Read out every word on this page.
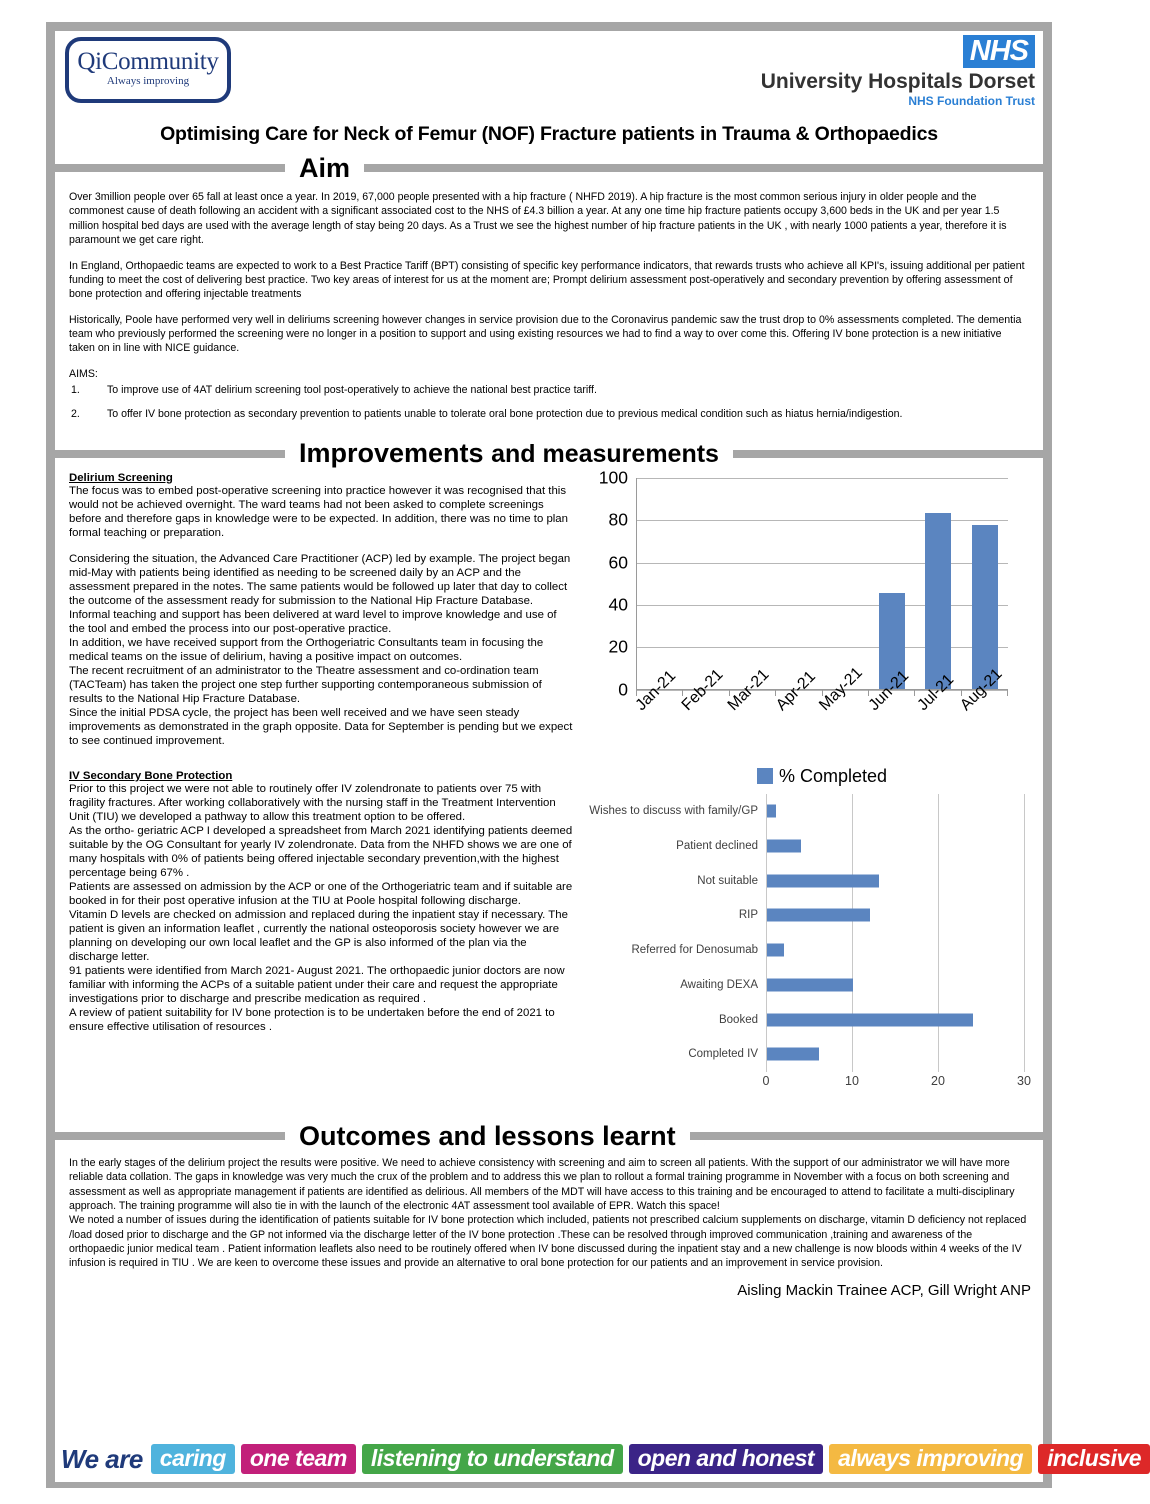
QiCommunity
Always improving
NHS
University Hospitals Dorset
NHS Foundation Trust
Optimising Care for Neck of Femur (NOF) Fracture patients in Trauma & Orthopaedics
Aim

Over 3million people over 65 fall at least once a year. In 2019, 67,000 people presented with a hip fracture ( NHFD 2019). A hip fracture is the most common serious injury in older people and the commonest cause of death following an accident with a significant associated cost to the NHS of £4.3 billion a year. At any one time hip fracture patients occupy 3,600 beds in the UK and per year 1.5 million hospital bed days are used with the average length of stay being 20 days. As a Trust we see the highest number of hip fracture patients in the UK , with nearly 1000 patients a year, therefore it is paramount we get care right.

In England, Orthopaedic teams are expected to work to a Best Practice Tariff (BPT) consisting of specific key performance indicators, that rewards trusts who achieve all KPI's, issuing additional per patient funding to meet the cost of delivering best practice. Two key areas of interest for us at the moment are; Prompt delirium assessment post-operatively and secondary prevention by offering assessment of bone protection and offering injectable treatments

Historically, Poole have performed very well in deliriums screening however changes in service provision due to the Coronavirus pandemic saw the trust drop to 0% assessments completed. The dementia team who previously performed the screening were no longer in a position to support and using existing resources we had to find a way to over come this. Offering IV bone protection is a new initiative taken on in line with NICE guidance.

AIMS:

1.	To improve use of 4AT delirium screening tool post-operatively to achieve the national best practice tariff.
2.	To offer IV bone protection as secondary prevention to patients unable to tolerate oral bone protection due to previous medical condition such as hiatus hernia/indigestion.
Improvements and measurements
Delirium Screening

The focus was to embed post-operative screening into practice however it was recognised that this would not be achieved overnight. The ward teams had not been asked to complete screenings before and therefore gaps in knowledge were to be expected. In addition, there was no time to plan formal teaching or preparation.

Considering the situation, the Advanced Care Practitioner (ACP) led by example. The project began mid-May with patients being identified as needing to be screened daily by an ACP and the assessment prepared in the notes. The same patients would be followed up later that day to collect the outcome of the assessment ready for submission to the National Hip Fracture Database. Informal teaching and support has been delivered at ward level to improve knowledge and use of the tool and embed the process into our post-operative practice.

In addition, we have received support from the Orthogeriatric Consultants team in focusing the medical teams on the issue of delirium, having a positive impact on outcomes.

The recent recruitment of an administrator to the Theatre assessment and co-ordination team (TACTeam) has taken the project one step further supporting contemporaneous submission of results to the National Hip Fracture Database.

Since the initial PDSA cycle, the project has been well received and we have seen steady improvements as demonstrated in the graph opposite. Data for September is pending but we expect to see continued improvement.

IV Secondary Bone Protection

Prior to this project we were not able to routinely offer IV zolendronate to patients over 75 with fragility fractures. After working collaboratively with the nursing staff in the Treatment Intervention Unit (TIU) we developed a pathway to allow this treatment option to be offered.

As the ortho- geriatric ACP I developed a spreadsheet from March 2021 identifying patients deemed suitable by the OG Consultant for yearly IV zolendronate. Data from the NHFD shows we are one of many hospitals with 0% of patients being offered injectable secondary prevention,with the highest percentage being 67% .

Patients are assessed on admission by the ACP or one of the Orthogeriatric team and if suitable are booked in for their post operative infusion at the TIU at Poole hospital following discharge.

Vitamin D levels are checked on admission and replaced during the inpatient stay if necessary. The patient is given an information leaflet , currently the national osteoporosis society however we are planning on developing our own local leaflet and the GP is also informed of the plan via the discharge letter.

91 patients were identified from March 2021- August 2021. The orthopaedic junior doctors are now familiar with informing the ACPs of a suitable patient under their care and request the appropriate investigations prior to discharge and prescribe medication as required .

A review of patient suitability for IV bone protection is to be undertaken before the end of 2021 to ensure effective utilisation of resources .

100
80
60
40
20
0 Jan-21
Feb-21
Mar-21 Apr-21
May-21 Jun-21 Jul-21 Aug-21
% Completed
Wishes to discuss with family/GP
Patient declined
Not suitable
RIP
Referred for Denosumab
Awaiting DEXA
Booked
Completed IV
0	10	20	30
Outcomes and lessons learnt

In the early stages of the delirium project the results were positive. We need to achieve consistency with screening and aim to screen all patients. With the support of our administrator we will have more reliable data collation. The gaps in knowledge was very much the crux of the problem and to address this we plan to rollout a formal training programme in November with a focus on both screening and assessment as well as appropriate management if patients are identified as delirious. All members of the MDT will have access to this training and be encouraged to attend to facilitate a multi-disciplinary approach. The training programme will also tie in with the launch of the electronic 4AT assessment tool available of EPR. Watch this space!

We noted a number of issues during the identification of patients suitable for IV bone protection which included, patients not prescribed calcium supplements on discharge, vitamin D deficiency not replaced /load dosed prior to discharge and the GP not informed via the discharge letter of the IV bone protection .These can be resolved through improved communication ,training and awareness of the orthopaedic junior medical team . Patient information leaflets also need to be routinely offered when IV bone discussed during the inpatient stay and a new challenge is now bloods within 4 weeks of the IV infusion is required in TIU . We are keen to overcome these issues and provide an alternative to oral bone protection for our patients and an improvement in service provision.

Aisling Mackin Trainee ACP, Gill Wright ANP
We are caring	one team	listening to understand	open and honest	always improving	inclusive
